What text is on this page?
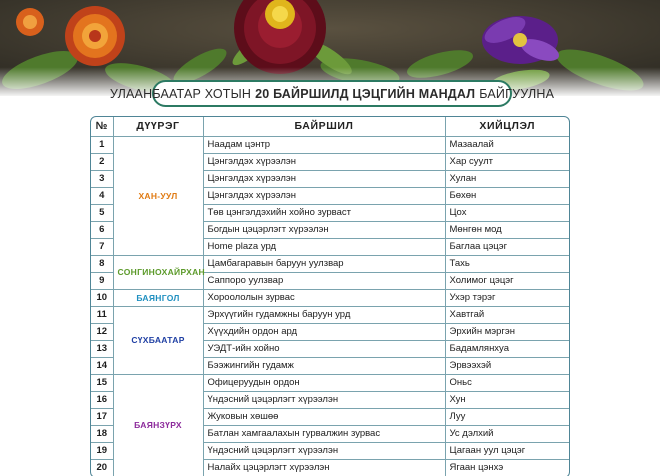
УЛААНБААТАР ХОТЫН 20 БАЙРШИЛД ЦЭЦГИЙН МАНДАЛ БАЙГУУЛНА
№	ДҮҮРЭГ	БАЙРШИЛ	ХИЙЦЛЭЛ
1	ХАН-УУЛ	Наадам цэнтр	Мазаалай
2		Цэнгэлдэх хүрээлэн	Хар суулт
3		Цэнгэлдэх хүрээлэн	Хулан
4		Цэнгэлдэх хүрээлэн	Бөхөн
5		Төв цэнгэлдэхийн хойно зурваст	Цох
6		Богдын цэцэрлэгт хүрээлэн	Мөнгөн мод
7		Home plaza урд	Баглаа цэцэг
8	СОНГИНОХАЙРХАН	Цамбагаравын баруун уулзвар	Тахь
9		Саппоро уулзвар	Холимог цэцэг
10	БАЯНГОЛ	Хороололын зурвас	Ухэр тэрэг
11	СҮХБААТАР	Эрхүүгийн гудамжны баруун урд	Хавтгай
12		Хүүхдийн ордон ард	Эрхийн мэргэн
13		УЭДТ-ийн хойно	Бадамлянхуа
14		Бээжингийн гудамж	Эрвээхэй
15	БАЯНЗҮРХ	Офицеруудын ордон	Оньс
16		Үндэсний цэцэрлэгт хүрээлэн	Хун
17		Жуковын хөшөө	Луу
18		Батлан хамгаалахын гурвалжин зурвас	Ус дэлхий
19		Үндэсний цэцэрлэгт хүрээлэн	Цагаан уул цэцэг
20		Налайх цэцэрлэгт хүрээлэн	Ягаан цэнхэ
